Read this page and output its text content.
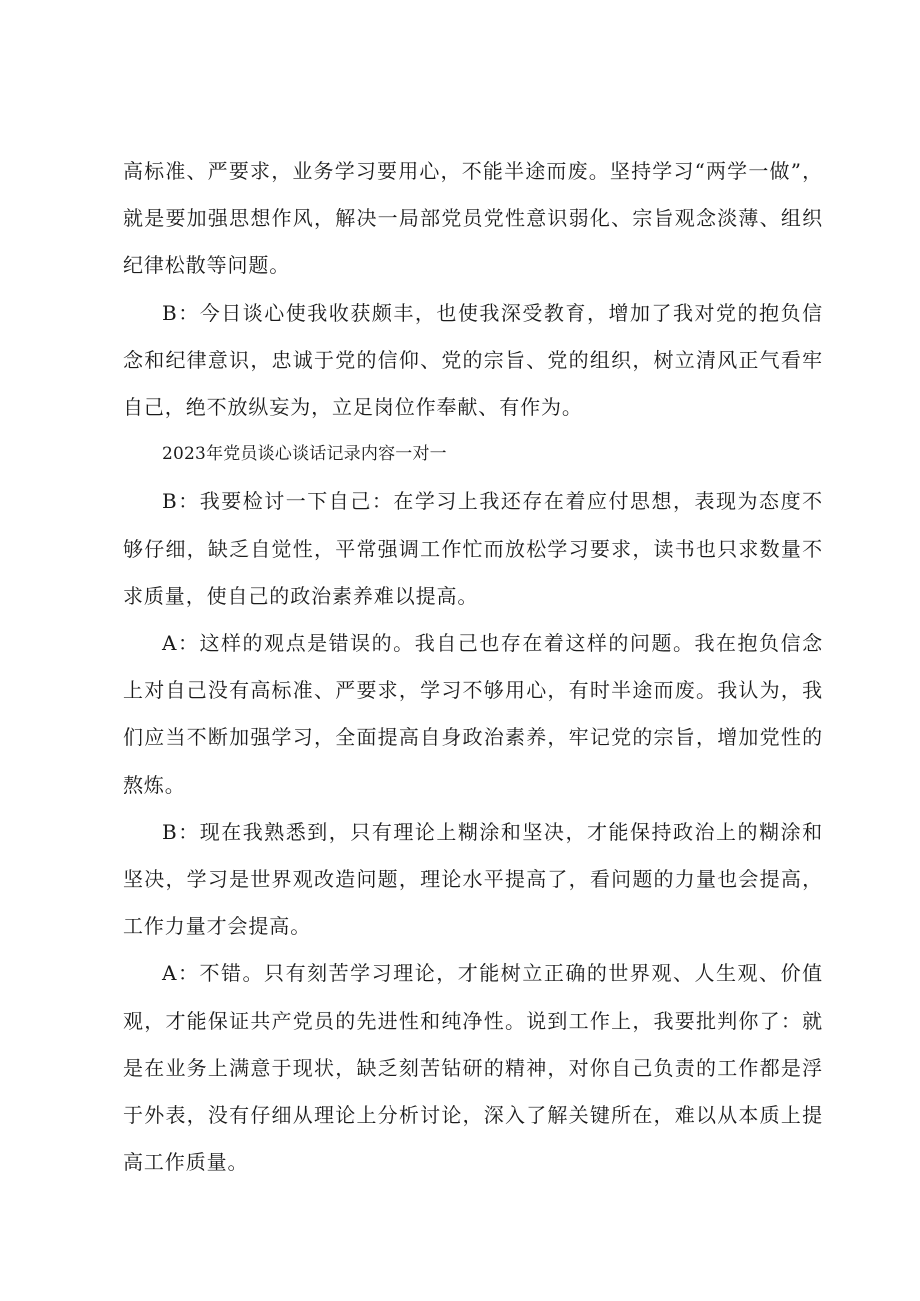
高标准、严要求，业务学习要用心，不能半途而废。坚持学习“两学一做”，就是要加强思想作风，解决一局部党员党性意识弱化、宗旨观念淡薄、组织纪律松散等问题。

B：今日谈心使我收获颇丰，也使我深受教育，增加了我对党的抱负信念和纪律意识，忠诚于党的信仰、党的宗旨、党的组织，树立清风正气看牢自己，绝不放纵妄为，立足岗位作奉献、有作为。

2023年党员谈心谈话记录内容一对一

B：我要检讨一下自己：在学习上我还存在着应付思想，表现为态度不够仔细，缺乏自觉性，平常强调工作忙而放松学习要求，读书也只求数量不求质量，使自己的政治素养难以提高。

A：这样的观点是错误的。我自己也存在着这样的问题。我在抱负信念上对自己没有高标准、严要求，学习不够用心，有时半途而废。我认为，我们应当不断加强学习，全面提高自身政治素养，牢记党的宗旨，增加党性的熬炼。

B：现在我熟悉到，只有理论上糊涂和坚决，才能保持政治上的糊涂和坚决，学习是世界观改造问题，理论水平提高了，看问题的力量也会提高，工作力量才会提高。

A：不错。只有刻苦学习理论，才能树立正确的世界观、人生观、价值观，才能保证共产党员的先进性和纯净性。说到工作上，我要批判你了：就是在业务上满意于现状，缺乏刻苦钻研的精神，对你自己负责的工作都是浮于外表，没有仔细从理论上分析讨论，深入了解关键所在，难以从本质上提高工作质量。
